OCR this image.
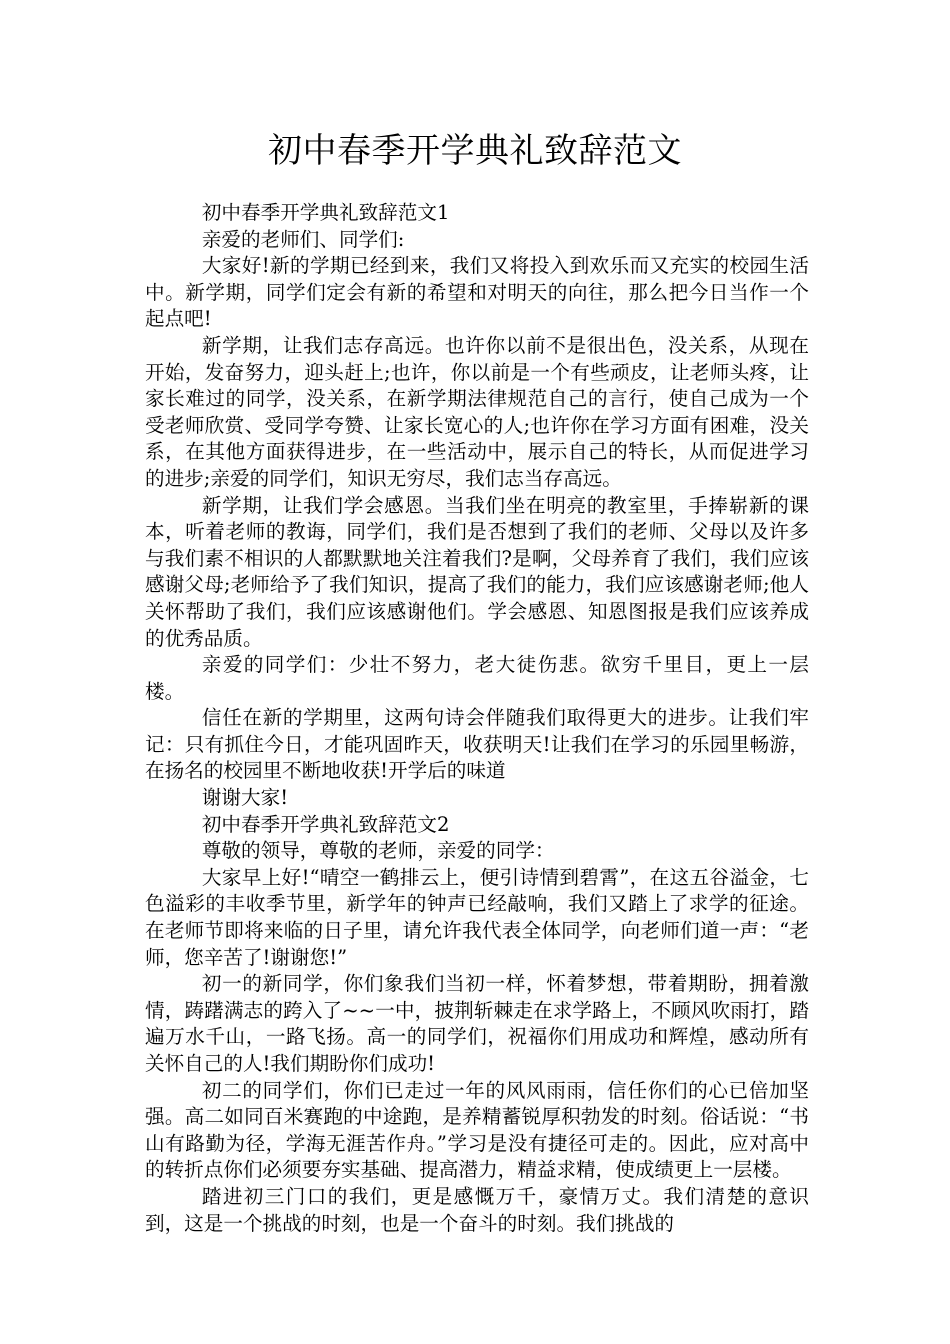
初中春季开学典礼致辞范文

初中春季开学典礼致辞范文1

亲爱的老师们、同学们:

大家好!新的学期已经到来，我们又将投入到欢乐而又充实的校园生活中。新学期，同学们定会有新的希望和对明天的向往，那么把今日当作一个起点吧!

新学期，让我们志存高远。也许你以前不是很出色，没关系，从现在开始，发奋努力，迎头赶上;也许，你以前是一个有些顽皮，让老师头疼，让家长难过的同学，没关系，在新学期法律规范自己的言行，使自己成为一个受老师欣赏、受同学夸赞、让家长宽心的人;也许你在学习方面有困难，没关系，在其他方面获得进步，在一些活动中，展示自己的特长，从而促进学习的进步;亲爱的同学们，知识无穷尽，我们志当存高远。

新学期，让我们学会感恩。当我们坐在明亮的教室里，手捧崭新的课本，听着老师的教诲，同学们，我们是否想到了我们的老师、父母以及许多与我们素不相识的人都默默地关注着我们?是啊，父母养育了我们，我们应该感谢父母;老师给予了我们知识，提高了我们的能力，我们应该感谢老师;他人关怀帮助了我们，我们应该感谢他们。学会感恩、知恩图报是我们应该养成的优秀品质。

亲爱的同学们：少壮不努力，老大徒伤悲。欲穷千里目，更上一层楼。

信任在新的学期里，这两句诗会伴随我们取得更大的进步。让我们牢记：只有抓住今日，才能巩固昨天，收获明天!让我们在学习的乐园里畅游，在扬名的校园里不断地收获!开学后的味道

谢谢大家!

初中春季开学典礼致辞范文2

尊敬的领导，尊敬的老师，亲爱的同学：

大家早上好!“晴空一鹤排云上，便引诗情到碧霄”，在这五谷溢金，七色溢彩的丰收季节里，新学年的钟声已经敲响，我们又踏上了求学的征途。在老师节即将来临的日子里，请允许我代表全体同学，向老师们道一声：“老师，您辛苦了!谢谢您!”

初一的新同学，你们象我们当初一样，怀着梦想，带着期盼，拥着激情，踌躇满志的跨入了~~一中，披荆斩棘走在求学路上，不顾风吹雨打，踏遍万水千山，一路飞扬。高一的同学们，祝福你们用成功和辉煌，感动所有关怀自己的人!我们期盼你们成功!

初二的同学们，你们已走过一年的风风雨雨，信任你们的心已倍加坚强。高二如同百米赛跑的中途跑，是养精蓄锐厚积勃发的时刻。俗话说：“书山有路勤为径，学海无涯苦作舟。”学习是没有捷径可走的。因此，应对高中的转折点你们必须要夯实基础、提高潜力，精益求精，使成绩更上一层楼。

踏进初三门口的我们，更是感慨万千，豪情万丈。我们清楚的意识到，这是一个挑战的时刻，也是一个奋斗的时刻。我们挑战的
